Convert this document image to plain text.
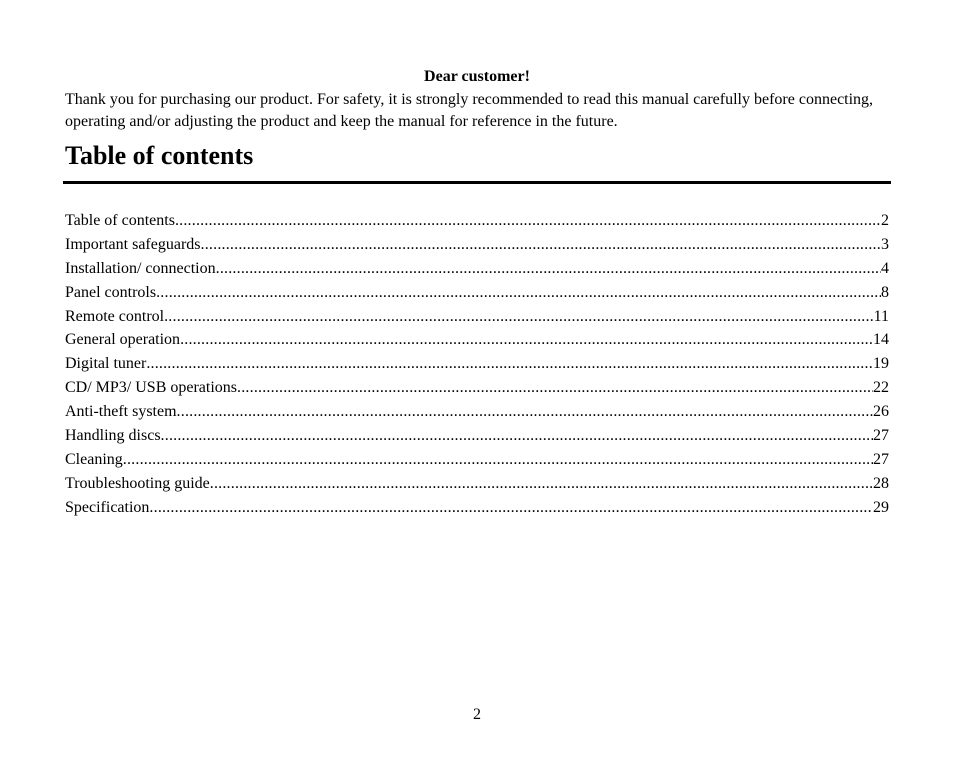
Dear customer!
Thank you for purchasing our product. For safety, it is strongly recommended to read this manual carefully before connecting, operating and/or adjusting the product and keep the manual for reference in the future.
Table of contents
Table of contents .....	2
Important safeguards .....	3
Installation/ connection .....	4
Panel controls .....	8
Remote control .....	11
General operation .....	14
Digital tuner .....	19
CD/ MP3/ USB operations .....	22
Anti-theft system .....	26
Handling discs .....	27
Cleaning .....	27
Troubleshooting guide .....	28
Specification .....	29
2
